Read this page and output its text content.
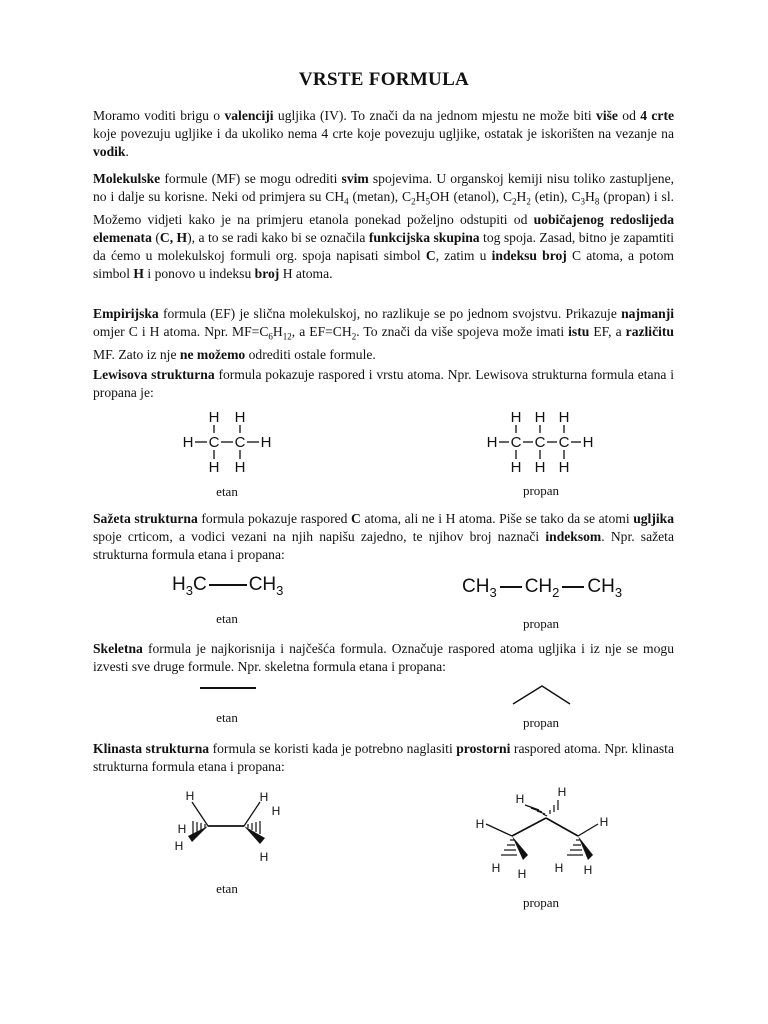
VRSTE FORMULA

Moramo voditi brigu o valenciji ugljika (IV). To znači da na jednom mjestu ne može biti više od 4 crte koje povezuju ugljike i da ukoliko nema 4 crte koje povezuju ugljike, ostatak je iskorišten na vezanje na vodik.

Molekulske formule (MF) se mogu odrediti svim spojevima. U organskoj kemiji nisu toliko zastupljene, no i dalje su korisne. Neki od primjera su $CH_4$ (metan), $C_2H_5OH$ (etanol), $C_2H_2$ (etin), $C_3H_8$ (propan) i sl. Možemo vidjeti kako je na primjeru etanola ponekad poželjno odstupiti od uobičajenog redoslijeda elemenata (C, H), a to se radi kako bi se označila funkcijska skupina tog spoja. Zasad, bitno je zapamtiti da ćemo u molekulskoj formuli org. spoja napisati simbol C, zatim u indeksu broj C atoma, a potom simbol H i ponovo u indeksu broj H atoma.

Empirijska formula (EF) je slična molekulskoj, no razlikuje se po jednom svojstvu. Prikazuje najmanji omjer C i H atoma. Npr. $MF=C_6H_{12}$, a $EF=CH_2$. To znači da više spojeva može imati istu EF, a različitu MF. Zato iz nje ne možemo odrediti ostale formule.

Lewisova strukturna formula pokazuje raspored i vrstu atoma. Npr. Lewisova strukturna formula etana i propana je:

H H
H C C H
H H
etan
H H H
H C C C H
H H H
propan

Sažeta strukturna formula pokazuje raspored C atoma, ali ne i H atoma. Piše se tako da se atomi ugljika spoje crticom, a vodici vezani na njih napišu zajedno, te njihov broj naznači indeksom. Npr. sažeta strukturna formula etana i propana:

$H_3C$ $CH_3$
etan
$CH_3$ $CH_2$ $CH_3$
propan

Skeletna formula je najkorisnija i najčešća formula. Označuje raspored atoma ugljika i iz nje se mogu izvesti sve druge formule. Npr. skeletna formula etana i propana:

etan	propan

Klinasta strukturna formula se koristi kada je potrebno naglasiti prostorni raspored atoma. Npr. klinasta strukturna formula etana i propana:

H
H
H
H
H
H
etan
H	H
H
H H H H
H
propan
